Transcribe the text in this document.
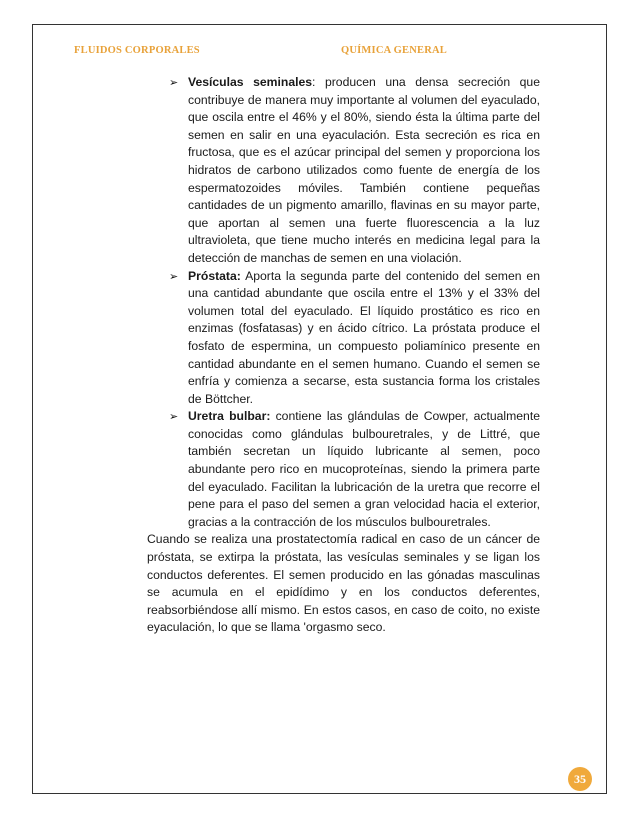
FLUIDOS CORPORALES	QUÍMICA GENERAL
➢ Vesículas seminales: producen una densa secreción que contribuye de manera muy importante al volumen del eyaculado, que oscila entre el 46% y el 80%, siendo ésta la última parte del semen en salir en una eyaculación. Esta secreción es rica en fructosa, que es el azúcar principal del semen y proporciona los hidratos de carbono utilizados como fuente de energía de los espermatozoides móviles. También contiene pequeñas cantidades de un pigmento amarillo, flavinas en su mayor parte, que aportan al semen una fuerte fluorescencia a la luz ultravioleta, que tiene mucho interés en medicina legal para la detección de manchas de semen en una violación.
➢ Próstata: Aporta la segunda parte del contenido del semen en una cantidad abundante que oscila entre el 13% y el 33% del volumen total del eyaculado. El líquido prostático es rico en enzimas (fosfatasas) y en ácido cítrico. La próstata produce el fosfato de espermina, un compuesto poliamínico presente en cantidad abundante en el semen humano. Cuando el semen se enfría y comienza a secarse, esta sustancia forma los cristales de Böttcher.
➢ Uretra bulbar: contiene las glándulas de Cowper, actualmente conocidas como glándulas bulbouretrales, y de Littré, que también secretan un líquido lubricante al semen, poco abundante pero rico en mucoproteínas, siendo la primera parte del eyaculado. Facilitan la lubricación de la uretra que recorre el pene para el paso del semen a gran velocidad hacia el exterior, gracias a la contracción de los músculos bulbouretrales.

Cuando se realiza una prostatectomía radical en caso de un cáncer de próstata, se extirpa la próstata, las vesículas seminales y se ligan los conductos deferentes. El semen producido en las gónadas masculinas se acumula en el epidídimo y en los conductos deferentes, reabsorbiéndose allí mismo. En estos casos, en caso de coito, no existe eyaculación, lo que se llama 'orgasmo seco.

35
